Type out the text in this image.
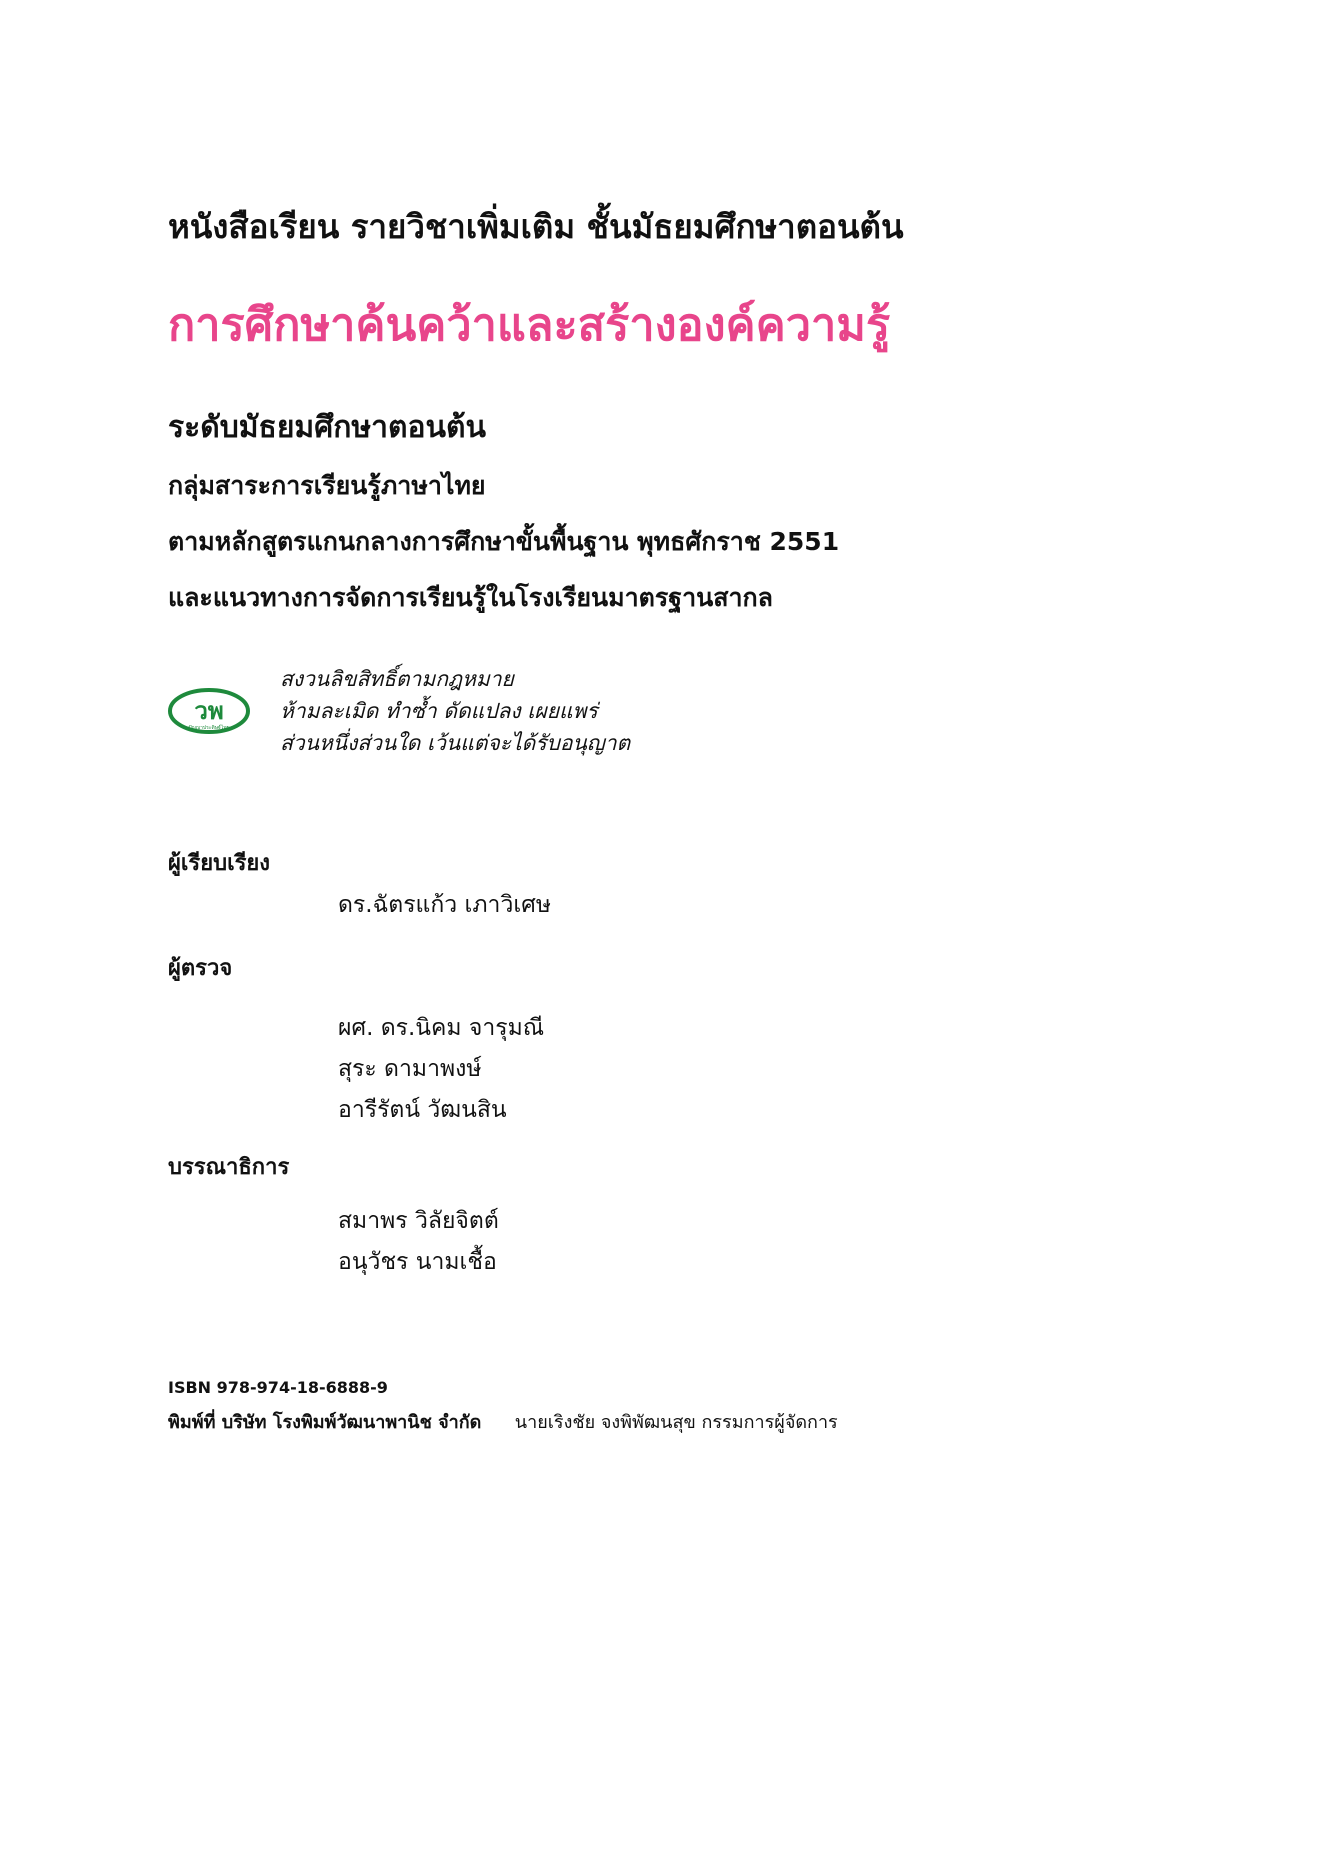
หนังสือเรียน รายวิชาเพิ่มเติม ชั้นมัธยมศึกษาตอนต้น
การศึกษาค้นคว้าและสร้างองค์ความรู้
ระดับมัธยมศึกษาตอนต้น
กลุ่มสาระการเรียนรู้ภาษาไทย
ตามหลักสูตรแกนกลางการศึกษาขั้นพื้นฐาน พุทธศักราช 2551
และแนวทางการจัดการเรียนรู้ในโรงเรียนมาตรฐานสากล
วพ
ปัญญาประดิษฐ์ไทย
สงวนลิขสิทธิ์ตามกฎหมาย
ห้ามละเมิด ทำซ้ำ ดัดแปลง เผยแพร่
ส่วนหนึ่งส่วนใด เว้นแต่จะได้รับอนุญาต
ผู้เรียบเรียง
ดร.ฉัตรแก้ว เภาวิเศษ
ผู้ตรวจ
ผศ. ดร.นิคม จารุมณี
สุระ ดามาพงษ์
อารีรัตน์ วัฒนสิน
บรรณาธิการ
สมาพร วิลัยจิตต์
อนุวัชร นามเชื้อ
ISBN 978-974-18-6888-9
พิมพ์ที่ บริษัท โรงพิมพ์วัฒนาพานิช จำกัด นายเริงชัย จงพิพัฒนสุข กรรมการผู้จัดการ
